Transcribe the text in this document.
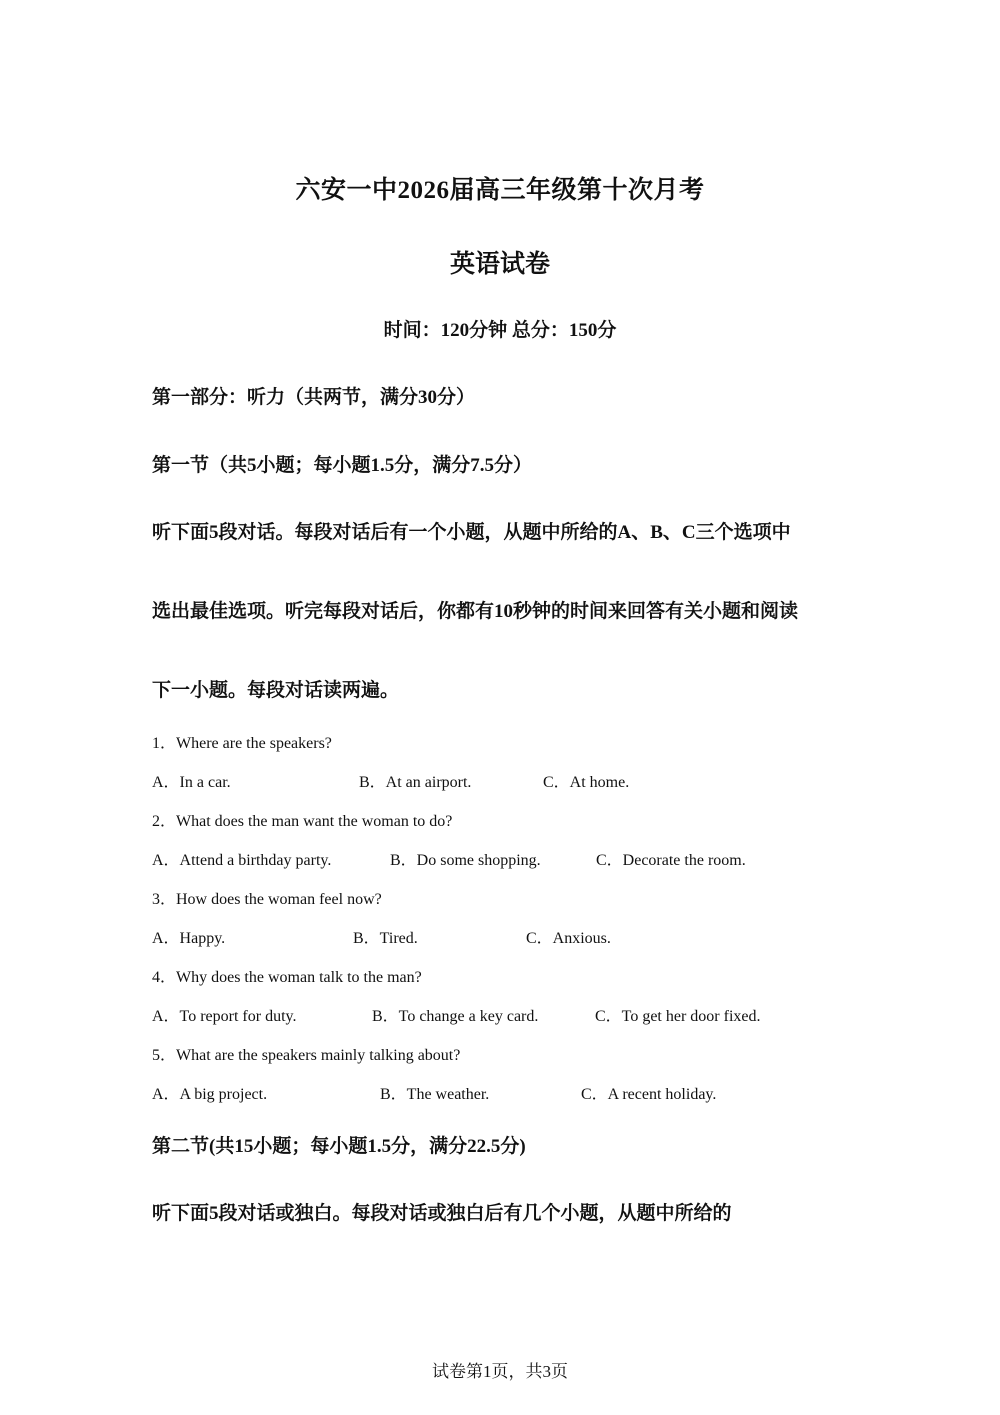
六安一中2026届高三年级第十次月考
英语试卷
时间：120分钟 总分：150分
第一部分：听力（共两节，满分30分）
第一节（共5小题；每小题1.5分，满分7.5分）
听下面5段对话。每段对话后有一个小题，从题中所给的A、B、C三个选项中
选出最佳选项。听完每段对话后，你都有10秒钟的时间来回答有关小题和阅读
下一小题。每段对话读两遍。
1．Where are the speakers?
A．In a car.	B．At an airport.	C．At home.
2．What does the man want the woman to do?
A．Attend a birthday party.	B．Do some shopping.	C．Decorate the room.
3．How does the woman feel now?
A．Happy.	B．Tired.	C．Anxious.
4．Why does the woman talk to the man?
A．To report for duty.	B．To change a key card.	C．To get her door fixed.
5．What are the speakers mainly talking about?
A．A big project.	B．The weather.	C．A recent holiday.
第二节(共15小题；每小题1.5分，满分22.5分)
听下面5段对话或独白。每段对话或独白后有几个小题，从题中所给的
试卷第1页，共3页
